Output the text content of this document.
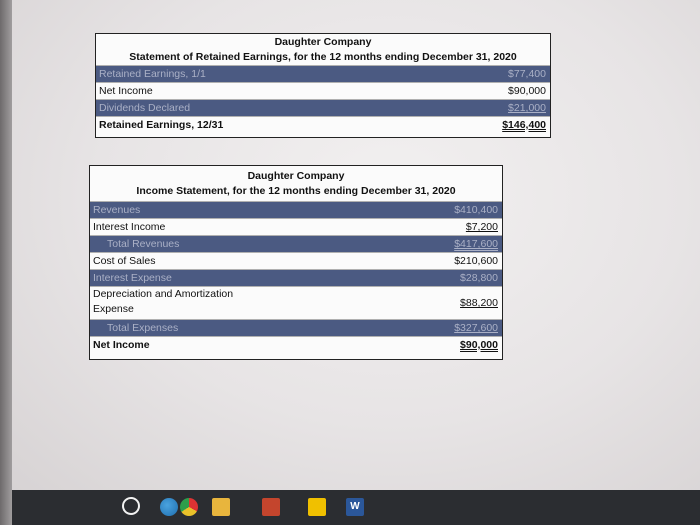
Daughter Company
Statement of Retained Earnings, for the 12 months ending December 31, 2020
Retained Earnings, 1/1	$77,400
Net Income	$90,000
Dividends Declared	$21,000
Retained Earnings, 12/31	$146,400
Daughter Company
Income Statement, for the 12 months ending December 31, 2020
Revenues	$410,400
Interest Income	$7,200
Total Revenues	$417,600
Cost of Sales	$210,600
Interest Expense	$28,800
Depreciation and Amortization Expense	$88,200
Total Expenses	$327,600
Net Income	$90,000
W
